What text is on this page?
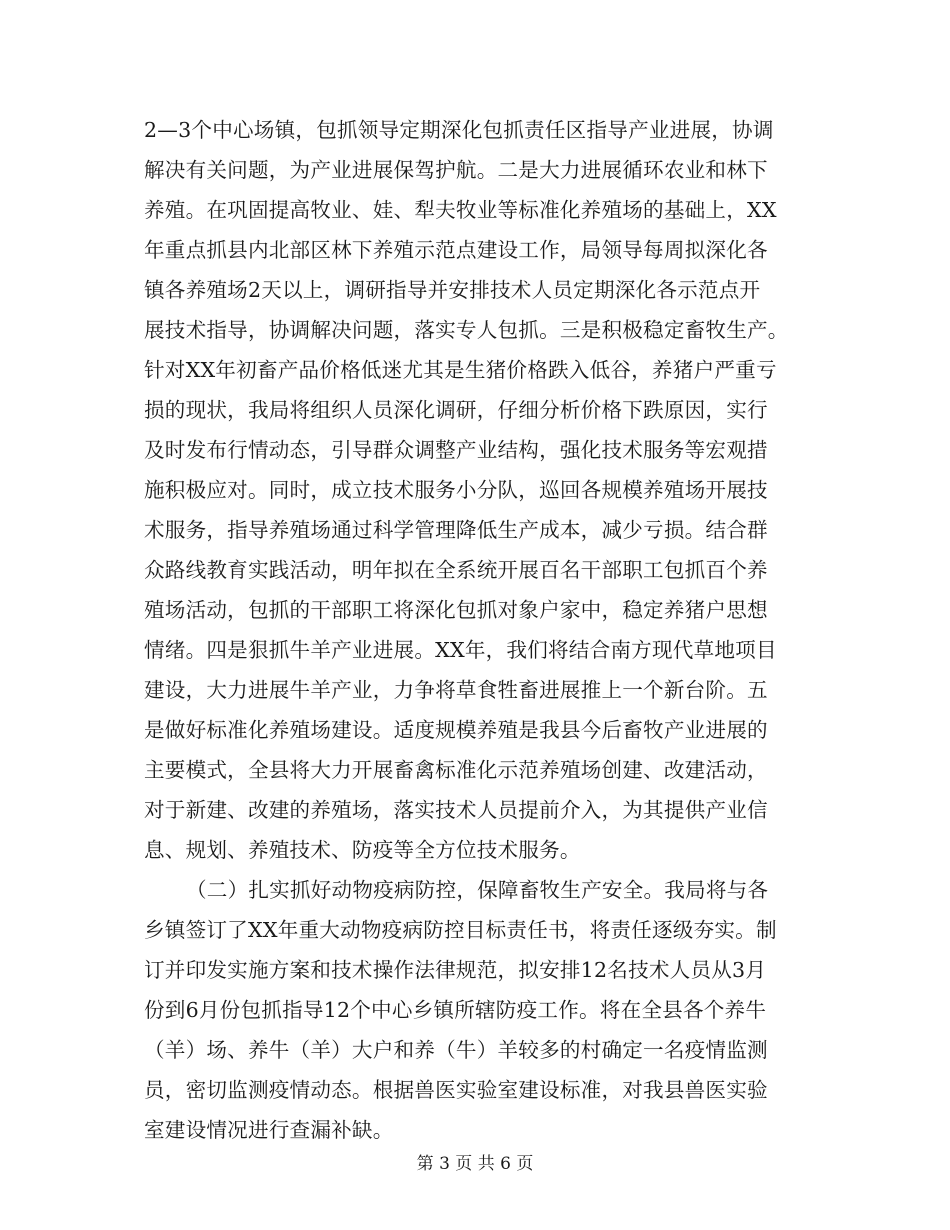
2—3个中心场镇，包抓领导定期深化包抓责任区指导产业进展，协调
解决有关问题，为产业进展保驾护航。二是大力进展循环农业和林下
养殖。在巩固提高牧业、娃、犁夫牧业等标准化养殖场的基础上，XX
年重点抓县内北部区林下养殖示范点建设工作，局领导每周拟深化各
镇各养殖场2天以上，调研指导并安排技术人员定期深化各示范点开
展技术指导，协调解决问题，落实专人包抓。三是积极稳定畜牧生产。
针对XX年初畜产品价格低迷尤其是生猪价格跌入低谷，养猪户严重亏
损的现状，我局将组织人员深化调研，仔细分析价格下跌原因，实行
及时发布行情动态，引导群众调整产业结构，强化技术服务等宏观措
施积极应对。同时，成立技术服务小分队，巡回各规模养殖场开展技
术服务，指导养殖场通过科学管理降低生产成本，减少亏损。结合群
众路线教育实践活动，明年拟在全系统开展百名干部职工包抓百个养
殖场活动，包抓的干部职工将深化包抓对象户家中，稳定养猪户思想
情绪。四是狠抓牛羊产业进展。XX年，我们将结合南方现代草地项目
建设，大力进展牛羊产业，力争将草食牲畜进展推上一个新台阶。五
是做好标准化养殖场建设。适度规模养殖是我县今后畜牧产业进展的
主要模式，全县将大力开展畜禽标准化示范养殖场创建、改建活动，
对于新建、改建的养殖场，落实技术人员提前介入，为其提供产业信
息、规划、养殖技术、防疫等全方位技术服务。
（二）扎实抓好动物疫病防控，保障畜牧生产安全。我局将与各
乡镇签订了XX年重大动物疫病防控目标责任书，将责任逐级夯实。制
订并印发实施方案和技术操作法律规范，拟安排12名技术人员从3月
份到6月份包抓指导12个中心乡镇所辖防疫工作。将在全县各个养牛
（羊）场、养牛（羊）大户和养（牛）羊较多的村确定一名疫情监测
员，密切监测疫情动态。根据兽医实验室建设标准，对我县兽医实验
室建设情况进行查漏补缺。
第 3 页 共 6 页
